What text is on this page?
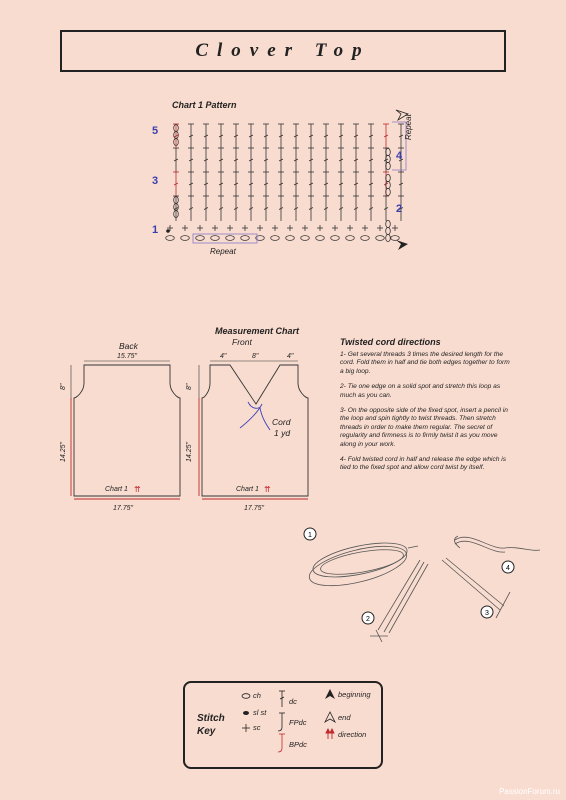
Clover Top
Chart 1 Pattern
5
3
1
4
2
Repeat
Repeat
Measurement Chart
Back	Front
15.75"
8"
14.25"
Chart 1 ⇈
17.75"
4"	8"	4"
8"
14.25"
Chart 1 ⇈
17.75"
Cord
1 yd
Twisted cord directions

1- Get several threads 3 times the desired length for the cord. Fold them in half and tie both edges together to form a big loop.

2- Tie one edge on a solid spot and stretch this loop as much as you can.

3- On the opposite side of the fixed spot, insert a pencil in the loop and spin tightly to twist threads. Then stretch threads in order to make them regular. The secret of regularity and firmness is to firmly twist it as you move along in your work.

4- Fold twisted cord in half and release the edge which is tied to the fixed spot and allow cord twist by itself.

1
2
3
4
Stitch
Key
ch
sl st
sc
dc
FPdc
BPdc
beginning
end
direction
PassionForum.ru
